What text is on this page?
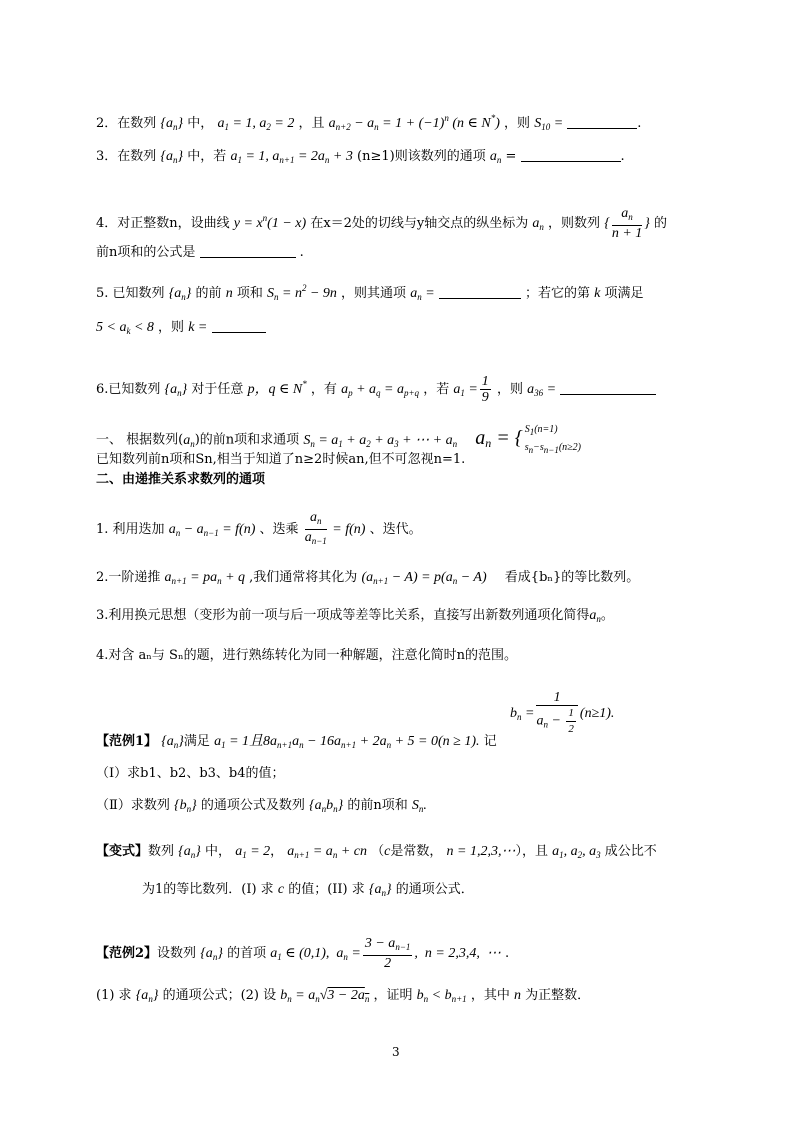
2．在数列 $\{a_n\}$ 中， $a_1 = 1$, $a_2 = 2$ ，且 $a_{n+2} - a_n = 1 + (-1)^n$ (n ∈ N*) ，则 $S_{10}$ =	.
3．在数列 $\{a_n\}$ 中，若 $a_1 = 1$, $a_{n+1} = 2a_n + 3$ (n≥1)则该数列的通项 $a_n$ =	.
4．对正整数n，设曲线 $y = x^n(1 - x)$ 在x＝2处的切线与y轴交点的纵坐标为 $a_n$ ，则数列 { $\frac{a_n}{n + 1}$ } 的
前n项和的公式是	.
5. 已知数列 $\{a_n\}$ 的前 n 项和 $S_n = n^2 - 9n$ ，则其通项 $a_n$ =	；若它的第 k 项满足
$5 < a_k < 8$ ，则 k =
6.已知数列 $\{a_n\}$ 对于任意 p，q ∈ N* ，有 $a_p + a_q = a_{p+q}$ ，若 $a_1 = \frac{1}{9}$ ，则 $a_{36}$ =
一、 根据数列$(a_n)$的前n项和求通项 $S_n = a_1 + a_2 + a_3$ + ⋯ + $a_n$ $a_n$ = { S1(n=1)
sn−sn−1(n≥2)
已知数列前n项和Sn,相当于知道了n≥2时候an,但不可忽视n=1.
二、由递推关系求数列的通项
1. 利用迭加 $a_n - a_{n-1} = f(n)$ 、迭乘 $\frac{a_n}{a_{n-1}} = f(n)$ 、迭代。
2.一阶递推 $a_{n+1} = pa_n + q$ ,我们通常将其化为 $(a_{n+1} - A) = p(a_n - A)$ 看成{bₙ}的等比数列。
3.利用换元思想（变形为前一项与后一项成等差等比关系，直接写出新数列通项化简得$a_n$。
4.对含 aₙ与 Sₙ的题，进行熟练转化为同一种解题，注意化简时n的范围。
$b_n = \frac{1}{a_n - \frac{1}{2}} (n\ge 1)$.
【范例1】 $\{a_n\}$满足 $a_1 = 1$且$8a_{n+1}a_n - 16a_{n+1} + 2a_n + 5 = 0(n \ge 1)$. 记
（Ⅰ）求b1、b2、b3、b4的值；
（Ⅱ）求数列 $\{b_n\}$ 的通项公式及数列 $\{a_nb_n\}$ 的前n项和 $S_n$.
【变式】数列 $\{a_n\}$ 中， $a_1 = 2$， $a_{n+1} = a_n$ + cn （c是常数， n = 1,2,3,⋯），且 $a_1$, $a_2$, $a_3$ 成公比不
为1的等比数列．(I) 求 c 的值；(II) 求 $\{a_n\}$ 的通项公式．
【范例2】设数列 $\{a_n\}$ 的首项 $a_1$ ∈ (0,1),  $a_n = \frac{3 - a_{n-1}}{2}$ ,  n = 2,3,4,  ⋯ .
(1) 求 $\{a_n\}$ 的通项公式；(2) 设 $b_n = a_n√3 - 2a_n$ ，证明 $b_n < b_{n+1}$ ，其中 n 为正整数．
3
